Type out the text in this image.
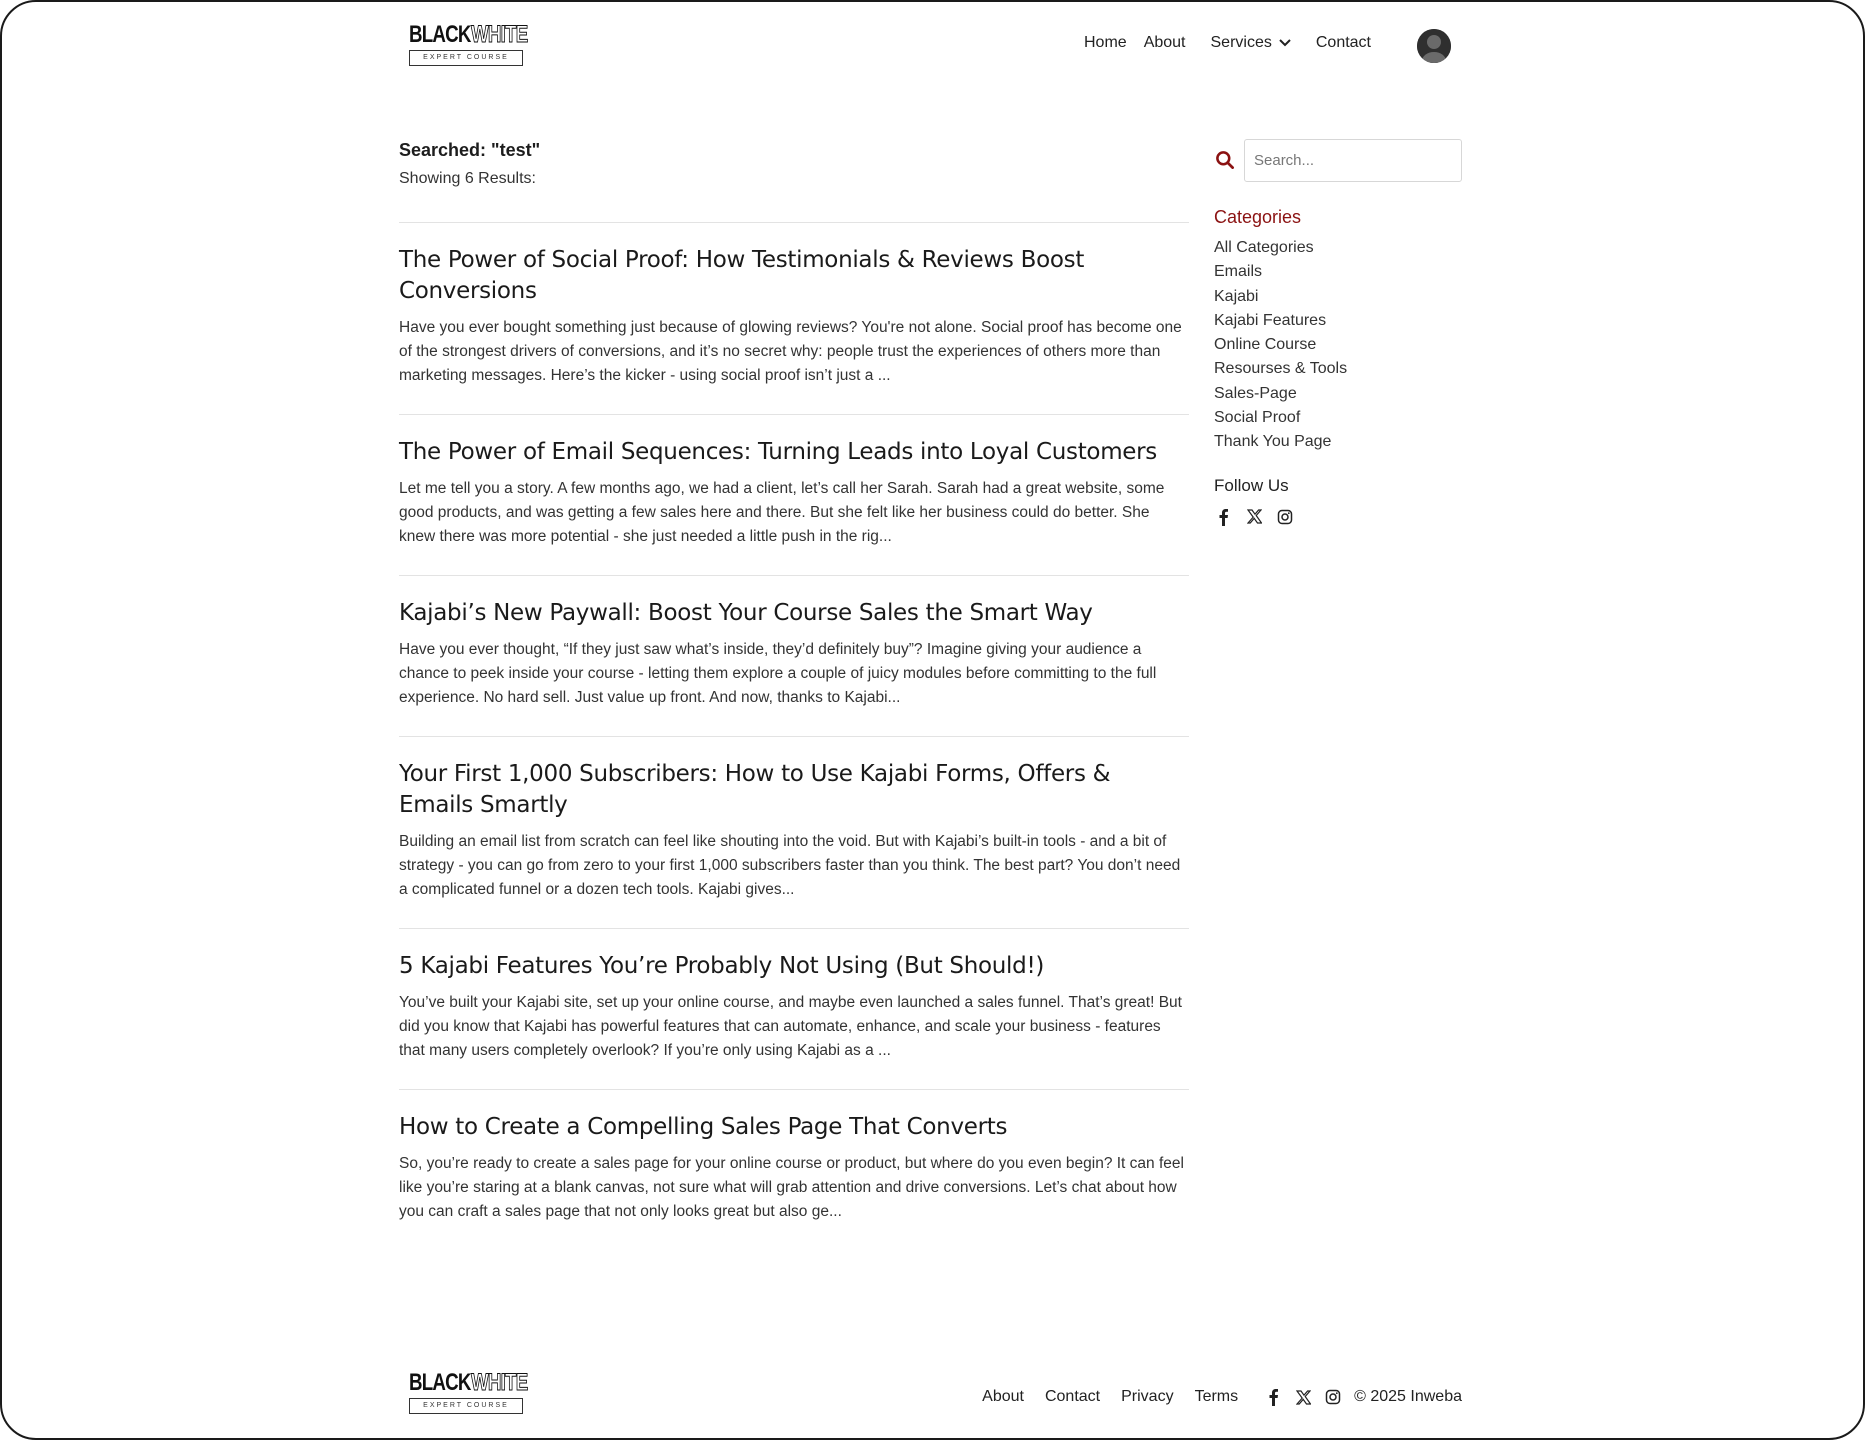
BLACK WHITE
EXPERT COURSE
Home About Services	Contact
Searched: "test"
Showing 6 Results:
The Power of Social Proof: How Testimonials & Reviews Boost Conversions
Have you ever bought something just because of glowing reviews? You're not alone. Social proof has become one of the strongest drivers of conversions, and it’s no secret why: people trust the experiences of others more than marketing messages. Here’s the kicker - using social proof isn’t just a ...
The Power of Email Sequences: Turning Leads into Loyal Customers
Let me tell you a story. A few months ago, we had a client, let’s call her Sarah. Sarah had a great website, some good products, and was getting a few sales here and there. But she felt like her business could do better. She knew there was more potential - she just needed a little push in the rig...
Kajabi’s New Paywall: Boost Your Course Sales the Smart Way
Have you ever thought, “If they just saw what’s inside, they’d definitely buy”? Imagine giving your audience a chance to peek inside your course - letting them explore a couple of juicy modules before committing to the full experience. No hard sell. Just value up front. And now, thanks to Kajabi...
Your First 1,000 Subscribers: How to Use Kajabi Forms, Offers & Emails Smartly
Building an email list from scratch can feel like shouting into the void. But with Kajabi’s built-in tools - and a bit of strategy - you can go from zero to your first 1,000 subscribers faster than you think. The best part? You don’t need a complicated funnel or a dozen tech tools. Kajabi gives...
5 Kajabi Features You’re Probably Not Using (But Should!)
You’ve built your Kajabi site, set up your online course, and maybe even launched a sales funnel. That’s great! But did you know that Kajabi has powerful features that can automate, enhance, and scale your business - features that many users completely overlook? If you’re only using Kajabi as a ...
How to Create a Compelling Sales Page That Converts
So, you’re ready to create a sales page for your online course or product, but where do you even begin? It can feel like you’re staring at a blank canvas, not sure what will grab attention and drive conversions. Let’s chat about how you can craft a sales page that not only looks great but also ge...
Search...
Categories
All Categories
Emails
Kajabi
Kajabi Features
Online Course
Resourses & Tools
Sales-Page
Social Proof
Thank You Page
Follow Us
BLACK WHITE
EXPERT COURSE
About Contact Privacy Terms	© 2025 Inweba
